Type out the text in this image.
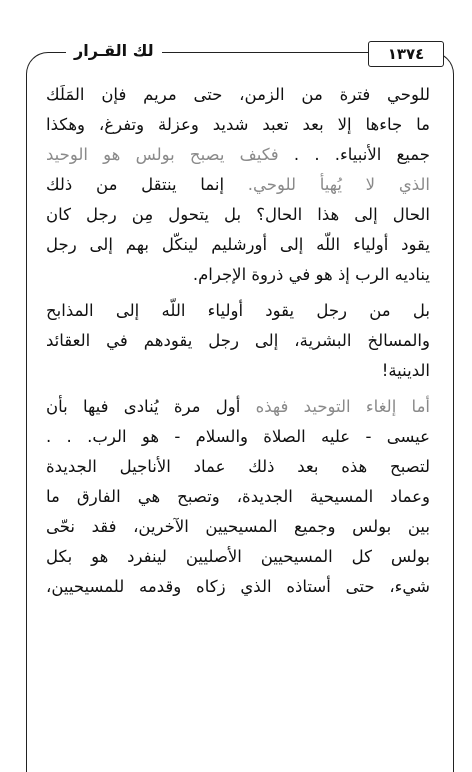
لك القـرار	١٣٧٤
للوحي فترة من الزمن، حتى مريم فإن المَلَك
ما جاءها إلا بعد تعبد شديد وعزلة وتفرغ، وهكذا
جميع الأنبياء. . . فكيف يصبح بولس هو الوحيد
الذي لا يُهيأ للوحي. إنما ينتقل من ذلك
الحال إلى هذا الحال؟ بل يتحول مِن رجل كان
يقود أولياء اللّه إلى أورشليم لينكّل بهم إلى رجل
يناديه الرب إذ هو في ذروة الإجرام.
بل من رجل يقود أولياء اللّه إلى المذابح
والمسالخ البشرية، إلى رجل يقودهم في العقائد
الدينية!
أما إلغاء التوحيد فهذه أول مرة يُنادى فيها بأن
عيسى - عليه الصلاة والسلام - هو الرب. . .
لتصبح هذه بعد ذلك عماد الأناجيل الجديدة
وعماد المسيحية الجديدة، وتصبح هي الفارق ما
بين بولس وجميع المسيحيين الآخرين، فقد نحّى
بولس كل المسيحيين الأصليين لينفرد هو بكل
شيء، حتى أستاذه الذي زكاه وقدمه للمسيحيين،
